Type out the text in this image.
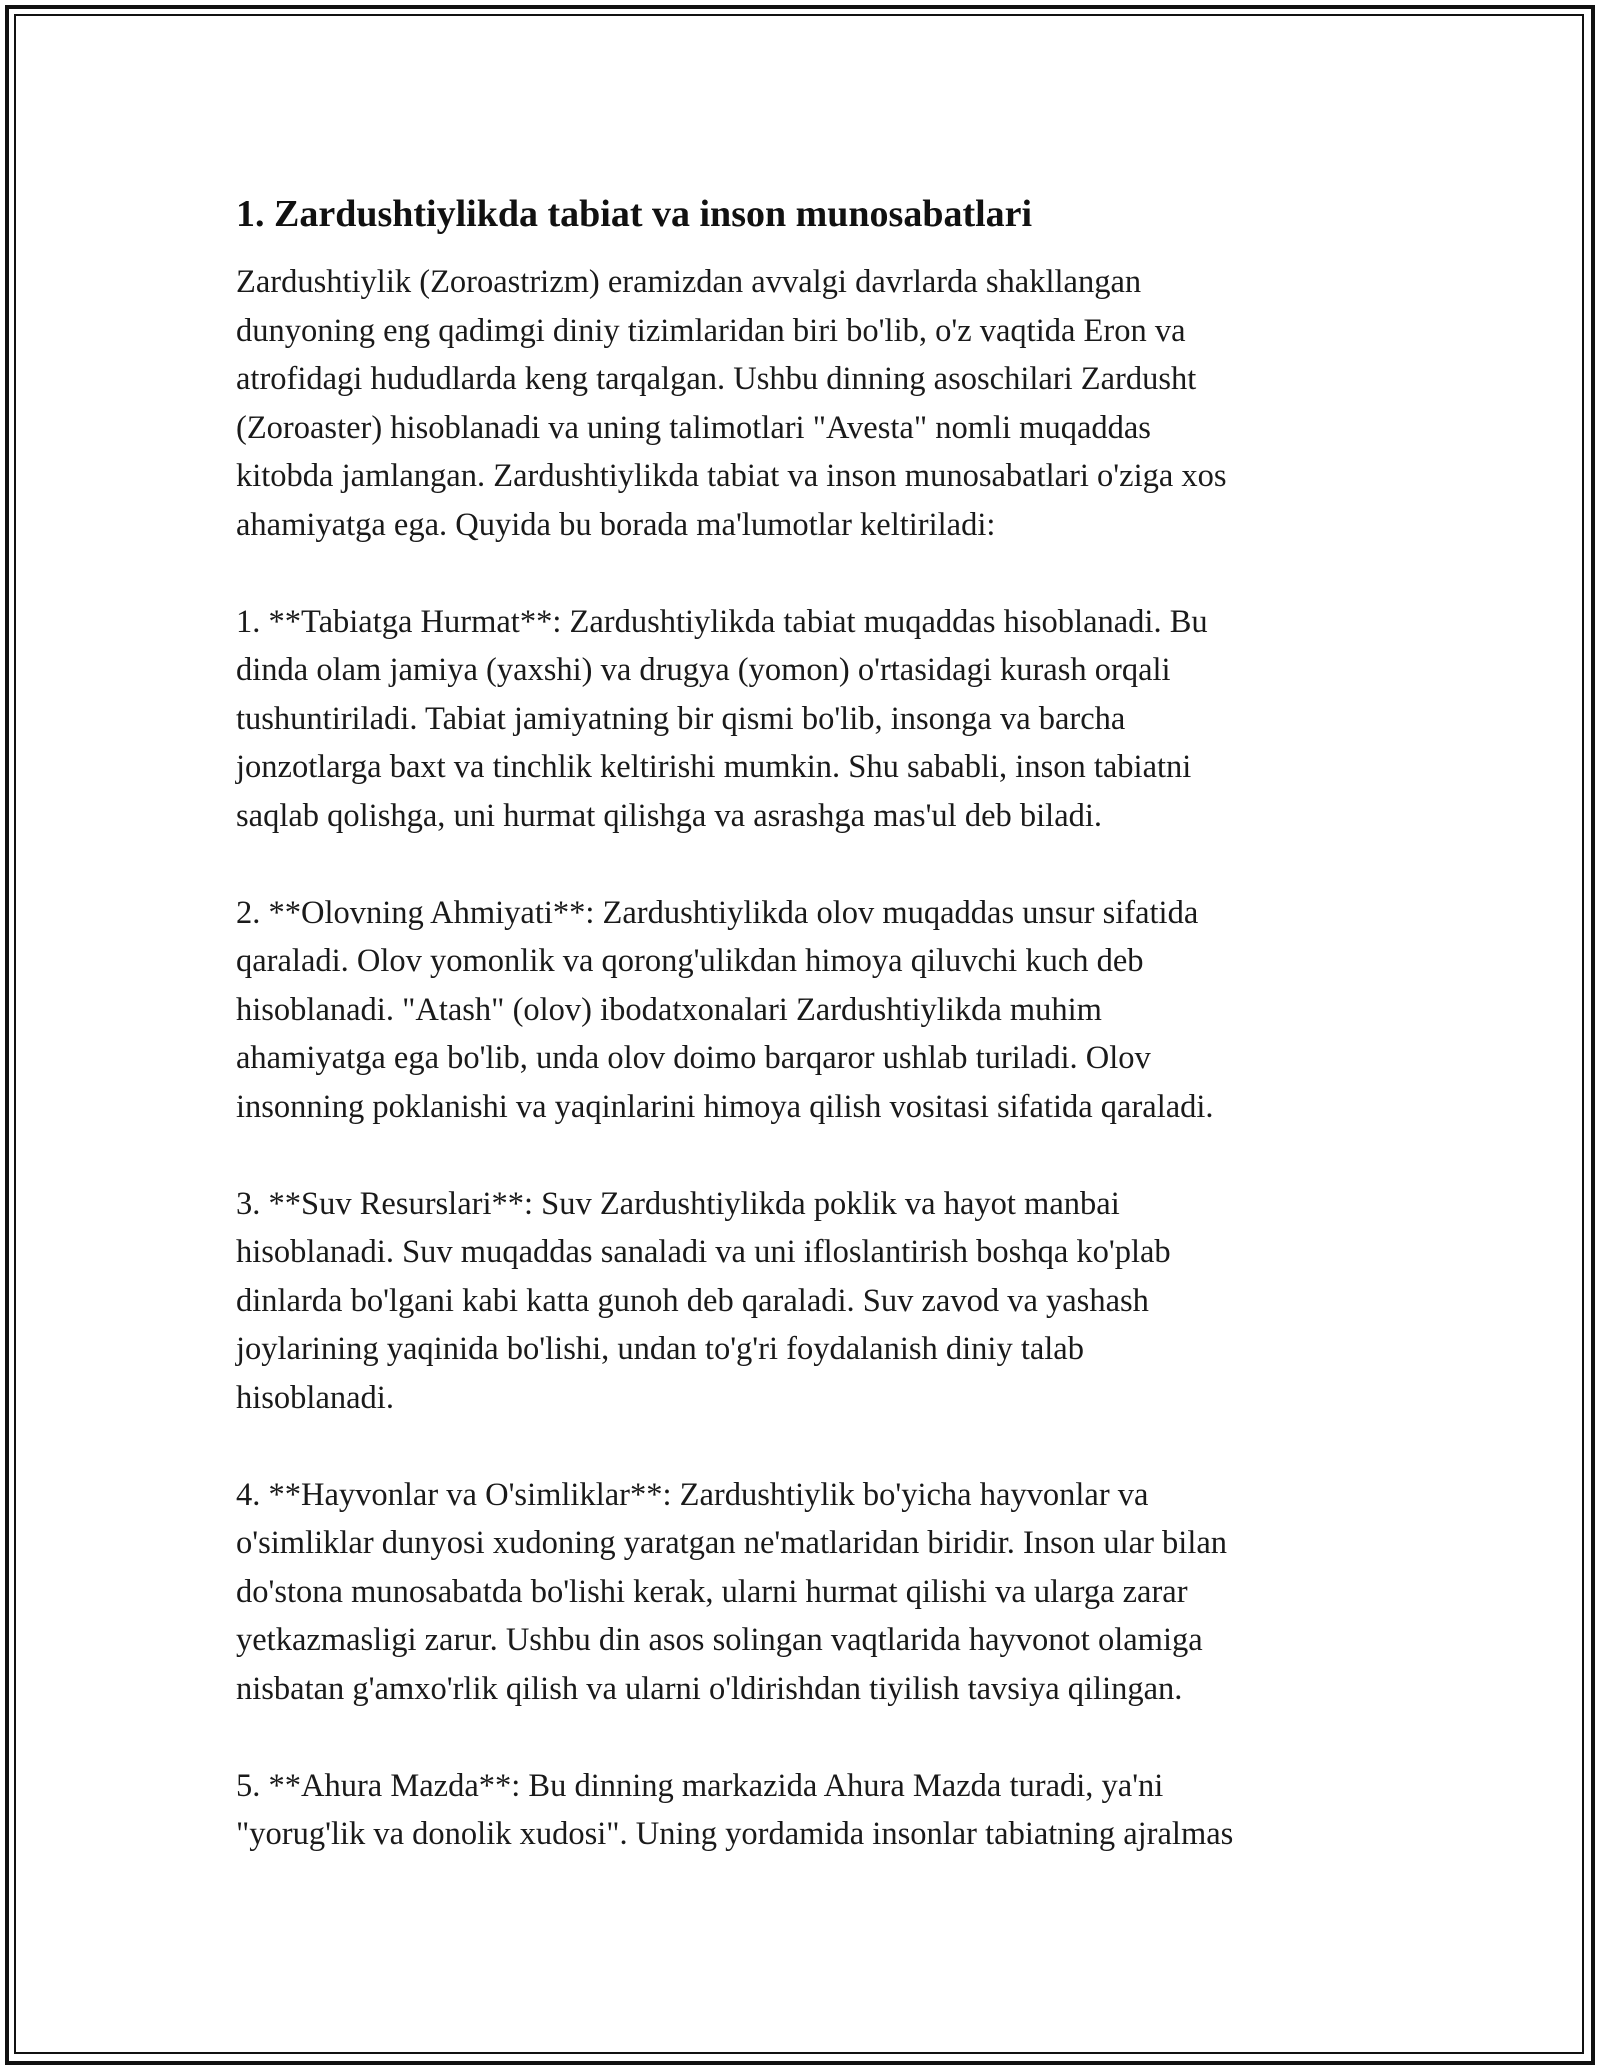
1. Zardushtiylikda tabiat va inson munosabatlari

Zardushtiylik (Zoroastrizm) eramizdan avvalgi davrlarda shakllangan
dunyoning eng qadimgi diniy tizimlaridan biri bo'lib, o'z vaqtida Eron va
atrofidagi hududlarda keng tarqalgan. Ushbu dinning asoschilari Zardusht
(Zoroaster) hisoblanadi va uning talimotlari "Avesta" nomli muqaddas
kitobda jamlangan. Zardushtiylikda tabiat va inson munosabatlari o'ziga xos
ahamiyatga ega. Quyida bu borada ma'lumotlar keltiriladi:

1. **Tabiatga Hurmat**: Zardushtiylikda tabiat muqaddas hisoblanadi. Bu
dinda olam jamiya (yaxshi) va drugya (yomon) o'rtasidagi kurash orqali
tushuntiriladi. Tabiat jamiyatning bir qismi bo'lib, insonga va barcha
jonzotlarga baxt va tinchlik keltirishi mumkin. Shu sababli, inson tabiatni
saqlab qolishga, uni hurmat qilishga va asrashga mas'ul deb biladi.

2. **Olovning Ahmiyati**: Zardushtiylikda olov muqaddas unsur sifatida
qaraladi. Olov yomonlik va qorong'ulikdan himoya qiluvchi kuch deb
hisoblanadi. "Atash" (olov) ibodatxonalari Zardushtiylikda muhim
ahamiyatga ega bo'lib, unda olov doimo barqaror ushlab turiladi. Olov
insonning poklanishi va yaqinlarini himoya qilish vositasi sifatida qaraladi.

3. **Suv Resurslari**: Suv Zardushtiylikda poklik va hayot manbai
hisoblanadi. Suv muqaddas sanaladi va uni ifloslantirish boshqa ko'plab
dinlarda bo'lgani kabi katta gunoh deb qaraladi. Suv zavod va yashash
joylarining yaqinida bo'lishi, undan to'g'ri foydalanish diniy talab
hisoblanadi.

4. **Hayvonlar va O'simliklar**: Zardushtiylik bo'yicha hayvonlar va
o'simliklar dunyosi xudoning yaratgan ne'matlaridan biridir. Inson ular bilan
do'stona munosabatda bo'lishi kerak, ularni hurmat qilishi va ularga zarar
yetkazmasligi zarur. Ushbu din asos solingan vaqtlarida hayvonot olamiga
nisbatan g'amxo'rlik qilish va ularni o'ldirishdan tiyilish tavsiya qilingan.

5. **Ahura Mazda**: Bu dinning markazida Ahura Mazda turadi, ya'ni
"yorug'lik va donolik xudosi". Uning yordamida insonlar tabiatning ajralmas
